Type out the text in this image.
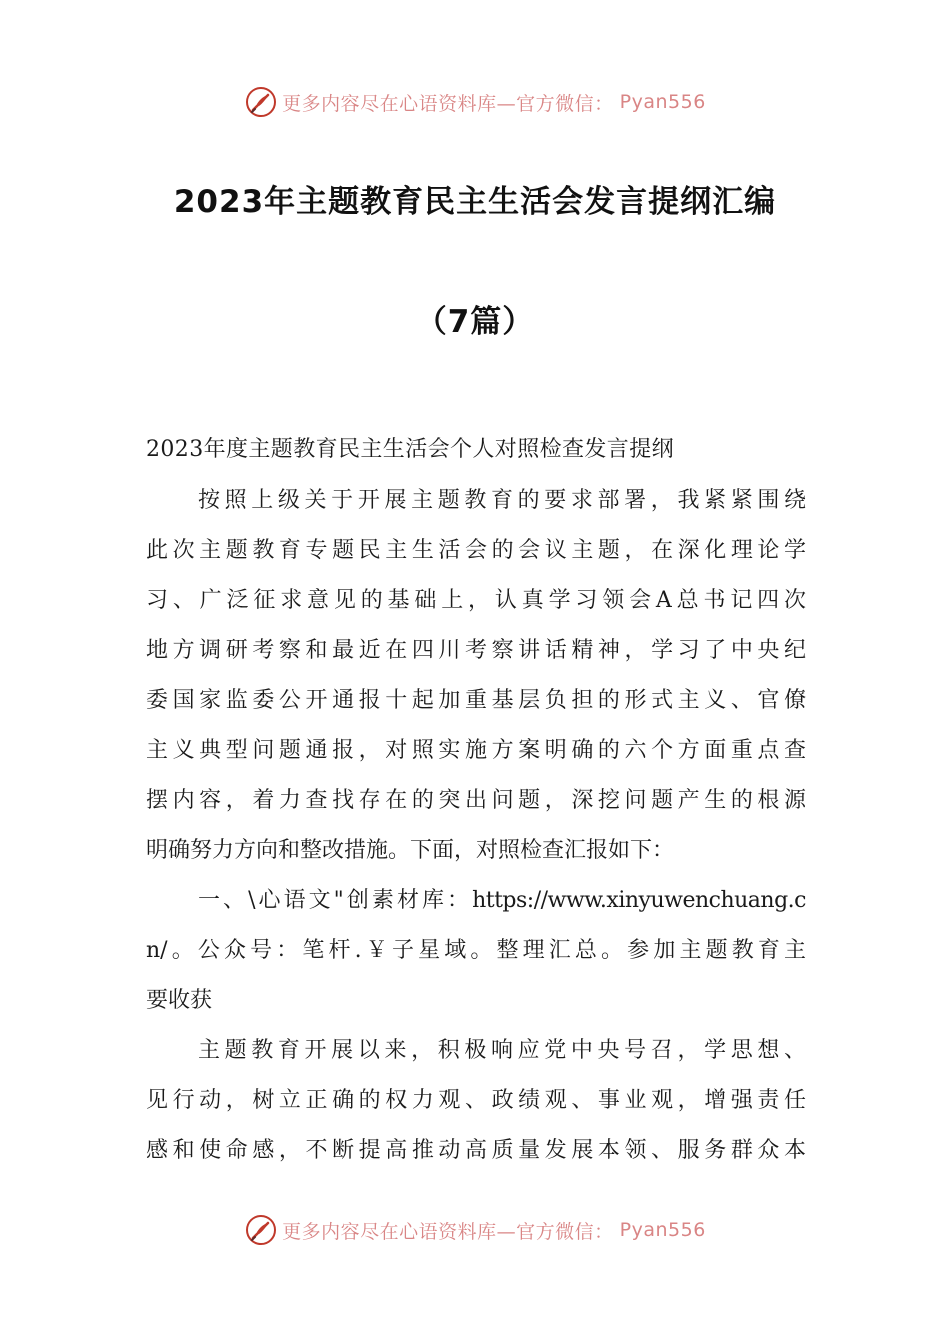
更多内容尽在心语资料库—官方微信： Pyan556
2023年主题教育民主生活会发言提纲汇编
（7篇）
2023年度主题教育民主生活会个人对照检查发言提纲
按照上级关于开展主题教育的要求部署，我紧紧围绕
此次主题教育专题民主生活会的会议主题，在深化理论学
习、广泛征求意见的基础上，认真学习领会A总书记四次
地方调研考察和最近在四川考察讲话精神，学习了中央纪
委国家监委公开通报十起加重基层负担的形式主义、官僚
主义典型问题通报，对照实施方案明确的六个方面重点查
摆内容，着力查找存在的突出问题，深挖问题产生的根源
明确努力方向和整改措施。下面，对照检查汇报如下：
一、\心语文"创素材库：https://www.xinyuwenchuang.c
n/。公众号：笔杆.￥子星域。整理汇总。参加主题教育主
要收获
主题教育开展以来，积极响应党中央号召，学思想、
见行动，树立正确的权力观、政绩观、事业观，增强责任
感和使命感，不断提高推动高质量发展本领、服务群众本
更多内容尽在心语资料库—官方微信： Pyan556
